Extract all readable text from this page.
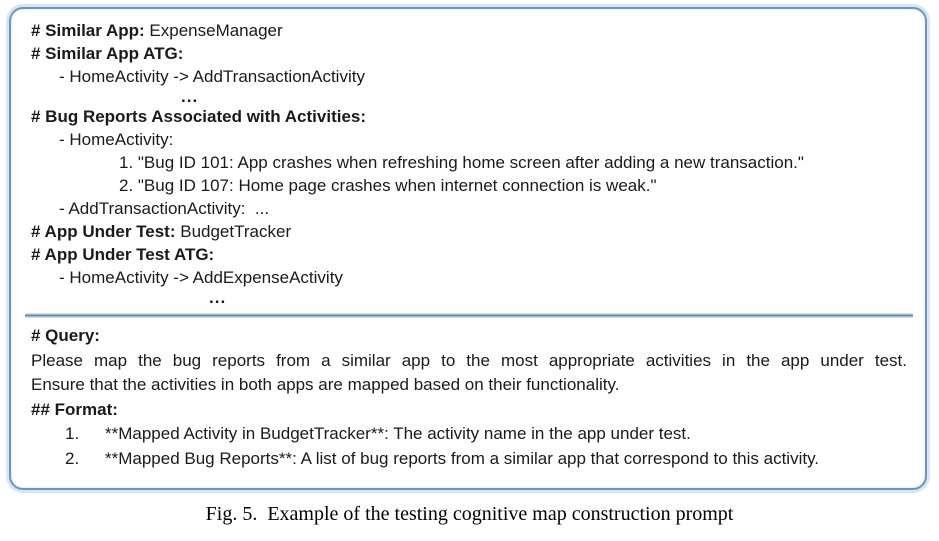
# Similar App: ExpenseManager
# Similar App ATG:
- HomeActivity -> AddTransactionActivity
...
# Bug Reports Associated with Activities:
- HomeActivity:
1. "Bug ID 101: App crashes when refreshing home screen after adding a new transaction."
2. "Bug ID 107: Home page crashes when internet connection is weak."
- AddTransactionActivity:  ...
# App Under Test: BudgetTracker
# App Under Test ATG:
- HomeActivity -> AddExpenseActivity
...
# Query:
Please map the bug reports from a similar app to the most appropriate activities in the app under test.
Ensure that the activities in both apps are mapped based on their functionality.
## Format:
1.	**Mapped Activity in BudgetTracker**: The activity name in the app under test.
2.	**Mapped Bug Reports**: A list of bug reports from a similar app that correspond to this activity.
Fig. 5.  Example of the testing cognitive map construction prompt
